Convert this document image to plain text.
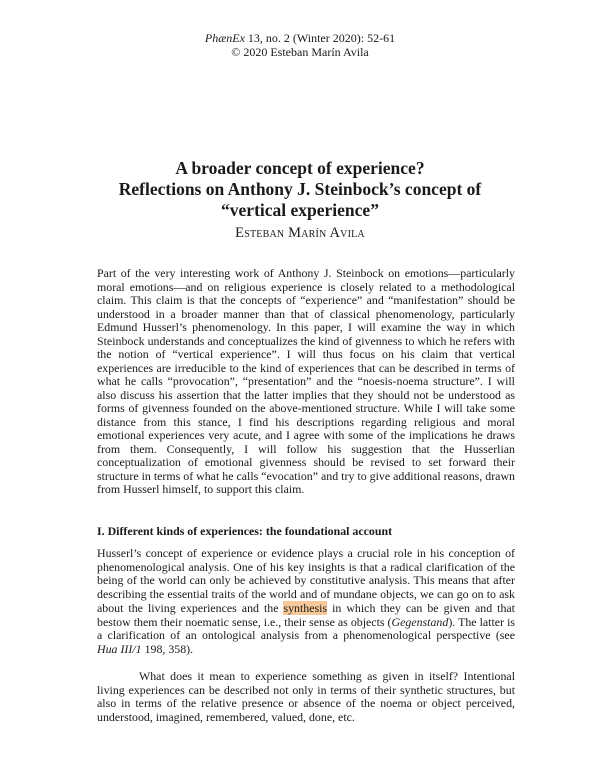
PhænEx 13, no. 2 (Winter 2020): 52-61
© 2020 Esteban Marín Avila
A broader concept of experience?
Reflections on Anthony J. Steinbock’s concept of
“vertical experience”
Esteban Marín Avila

Part of the very interesting work of Anthony J. Steinbock on emotions—particularly moral emotions—and on religious experience is closely related to a methodological claim. This claim is that the concepts of “experience” and “manifestation” should be understood in a broader manner than that of classical phenomenology, particularly Edmund Husserl’s phenomenology. In this paper, I will examine the way in which Steinbock understands and conceptualizes the kind of givenness to which he refers with the notion of “vertical experience”. I will thus focus on his claim that vertical experiences are irreducible to the kind of experiences that can be described in terms of what he calls “provocation”, “presentation” and the “noesis-noema structure”. I will also discuss his assertion that the latter implies that they should not be understood as forms of givenness founded on the above-mentioned structure. While I will take some distance from this stance, I find his descriptions regarding religious and moral emotional experiences very acute, and I agree with some of the implications he draws from them. Consequently, I will follow his suggestion that the Husserlian conceptualization of emotional givenness should be revised to set forward their structure in terms of what he calls “evocation” and try to give additional reasons, drawn from Husserl himself, to support this claim.

I. Different kinds of experiences: the foundational account

Husserl’s concept of experience or evidence plays a crucial role in his conception of phenomenological analysis. One of his key insights is that a radical clarification of the being of the world can only be achieved by constitutive analysis. This means that after describing the essential traits of the world and of mundane objects, we can go on to ask about the living experiences and the synthesis in which they can be given and that bestow them their noematic sense, i.e., their sense as objects (Gegenstand). The latter is a clarification of an ontological analysis from a phenomenological perspective (see Hua III/1 198, 358).

What does it mean to experience something as given in itself? Intentional living experiences can be described not only in terms of their synthetic structures, but also in terms of the relative presence or absence of the noema or object perceived, understood, imagined, remembered, valued, done, etc.
